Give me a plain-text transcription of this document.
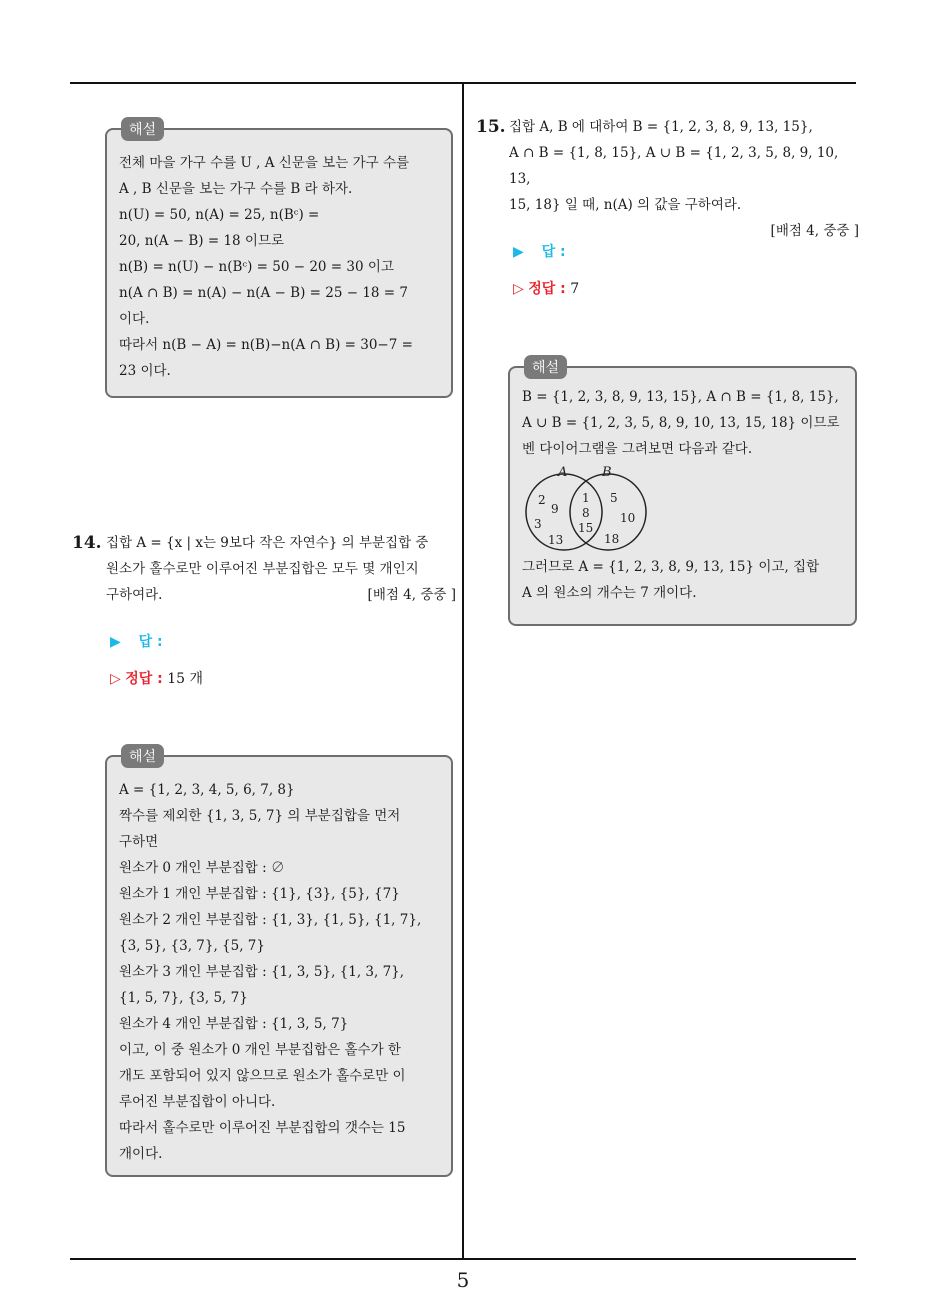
해설

전체 마을 가구 수를 U , A 신문을 보는 가구 수를

A , B 신문을 보는 가구 수를 B 라 하자.

n(U) = 50, n(A) = 25, n(Bᶜ) =

20, n(A − B) = 18 이므로

n(B) = n(U) − n(Bᶜ) = 50 − 20 = 30 이고

n(A ∩ B) = n(A) − n(A − B) = 25 − 18 = 7

이다.

따라서 n(B − A) = n(B)−n(A ∩ B) = 30−7 =

23 이다.

14. 집합 A = {x | x는 9보다 작은 자연수} 의 부분집합 중

원소가 홀수로만 이루어진 부분집합은 모두 몇 개인지

구하여라.	[배점 4, 중중 ]

▶ 답 :
▷ 정답 : 15 개
해설

A = {1, 2, 3, 4, 5, 6, 7, 8}

짝수를 제외한 {1, 3, 5, 7} 의 부분집합을 먼저

구하면

원소가 0 개인 부분집합 : ∅

원소가 1 개인 부분집합 : {1}, {3}, {5}, {7}

원소가 2 개인 부분집합 : {1, 3}, {1, 5}, {1, 7},

{3, 5}, {3, 7}, {5, 7}

원소가 3 개인 부분집합 : {1, 3, 5}, {1, 3, 7},

{1, 5, 7}, {3, 5, 7}

원소가 4 개인 부분집합 : {1, 3, 5, 7}

이고, 이 중 원소가 0 개인 부분집합은 홀수가 한

개도 포함되어 있지 않으므로 원소가 홀수로만 이

루어진 부분집합이 아니다.

따라서 홀수로만 이루어진 부분집합의 갯수는 15

개이다.

15. 집합 A, B 에 대하여 B = {1, 2, 3, 8, 9, 13, 15},

A ∩ B = {1, 8, 15}, A ∪ B = {1, 2, 3, 5, 8, 9, 10, 13,

15, 18} 일 때, n(A) 의 값을 구하여라.

[배점 4, 중중 ]

▶ 답 :
▷ 정답 : 7
해설

B = {1, 2, 3, 8, 9, 13, 15}, A ∩ B = {1, 8, 15},

A ∪ B = {1, 2, 3, 5, 8, 9, 10, 13, 15, 18} 이므로

벤 다이어그램을 그려보면 다음과 같다.

A	B
2
9
3
13
1
8
15
5
10
18

그러므로 A = {1, 2, 3, 8, 9, 13, 15} 이고, 집합

A 의 원소의 개수는 7 개이다.

5
